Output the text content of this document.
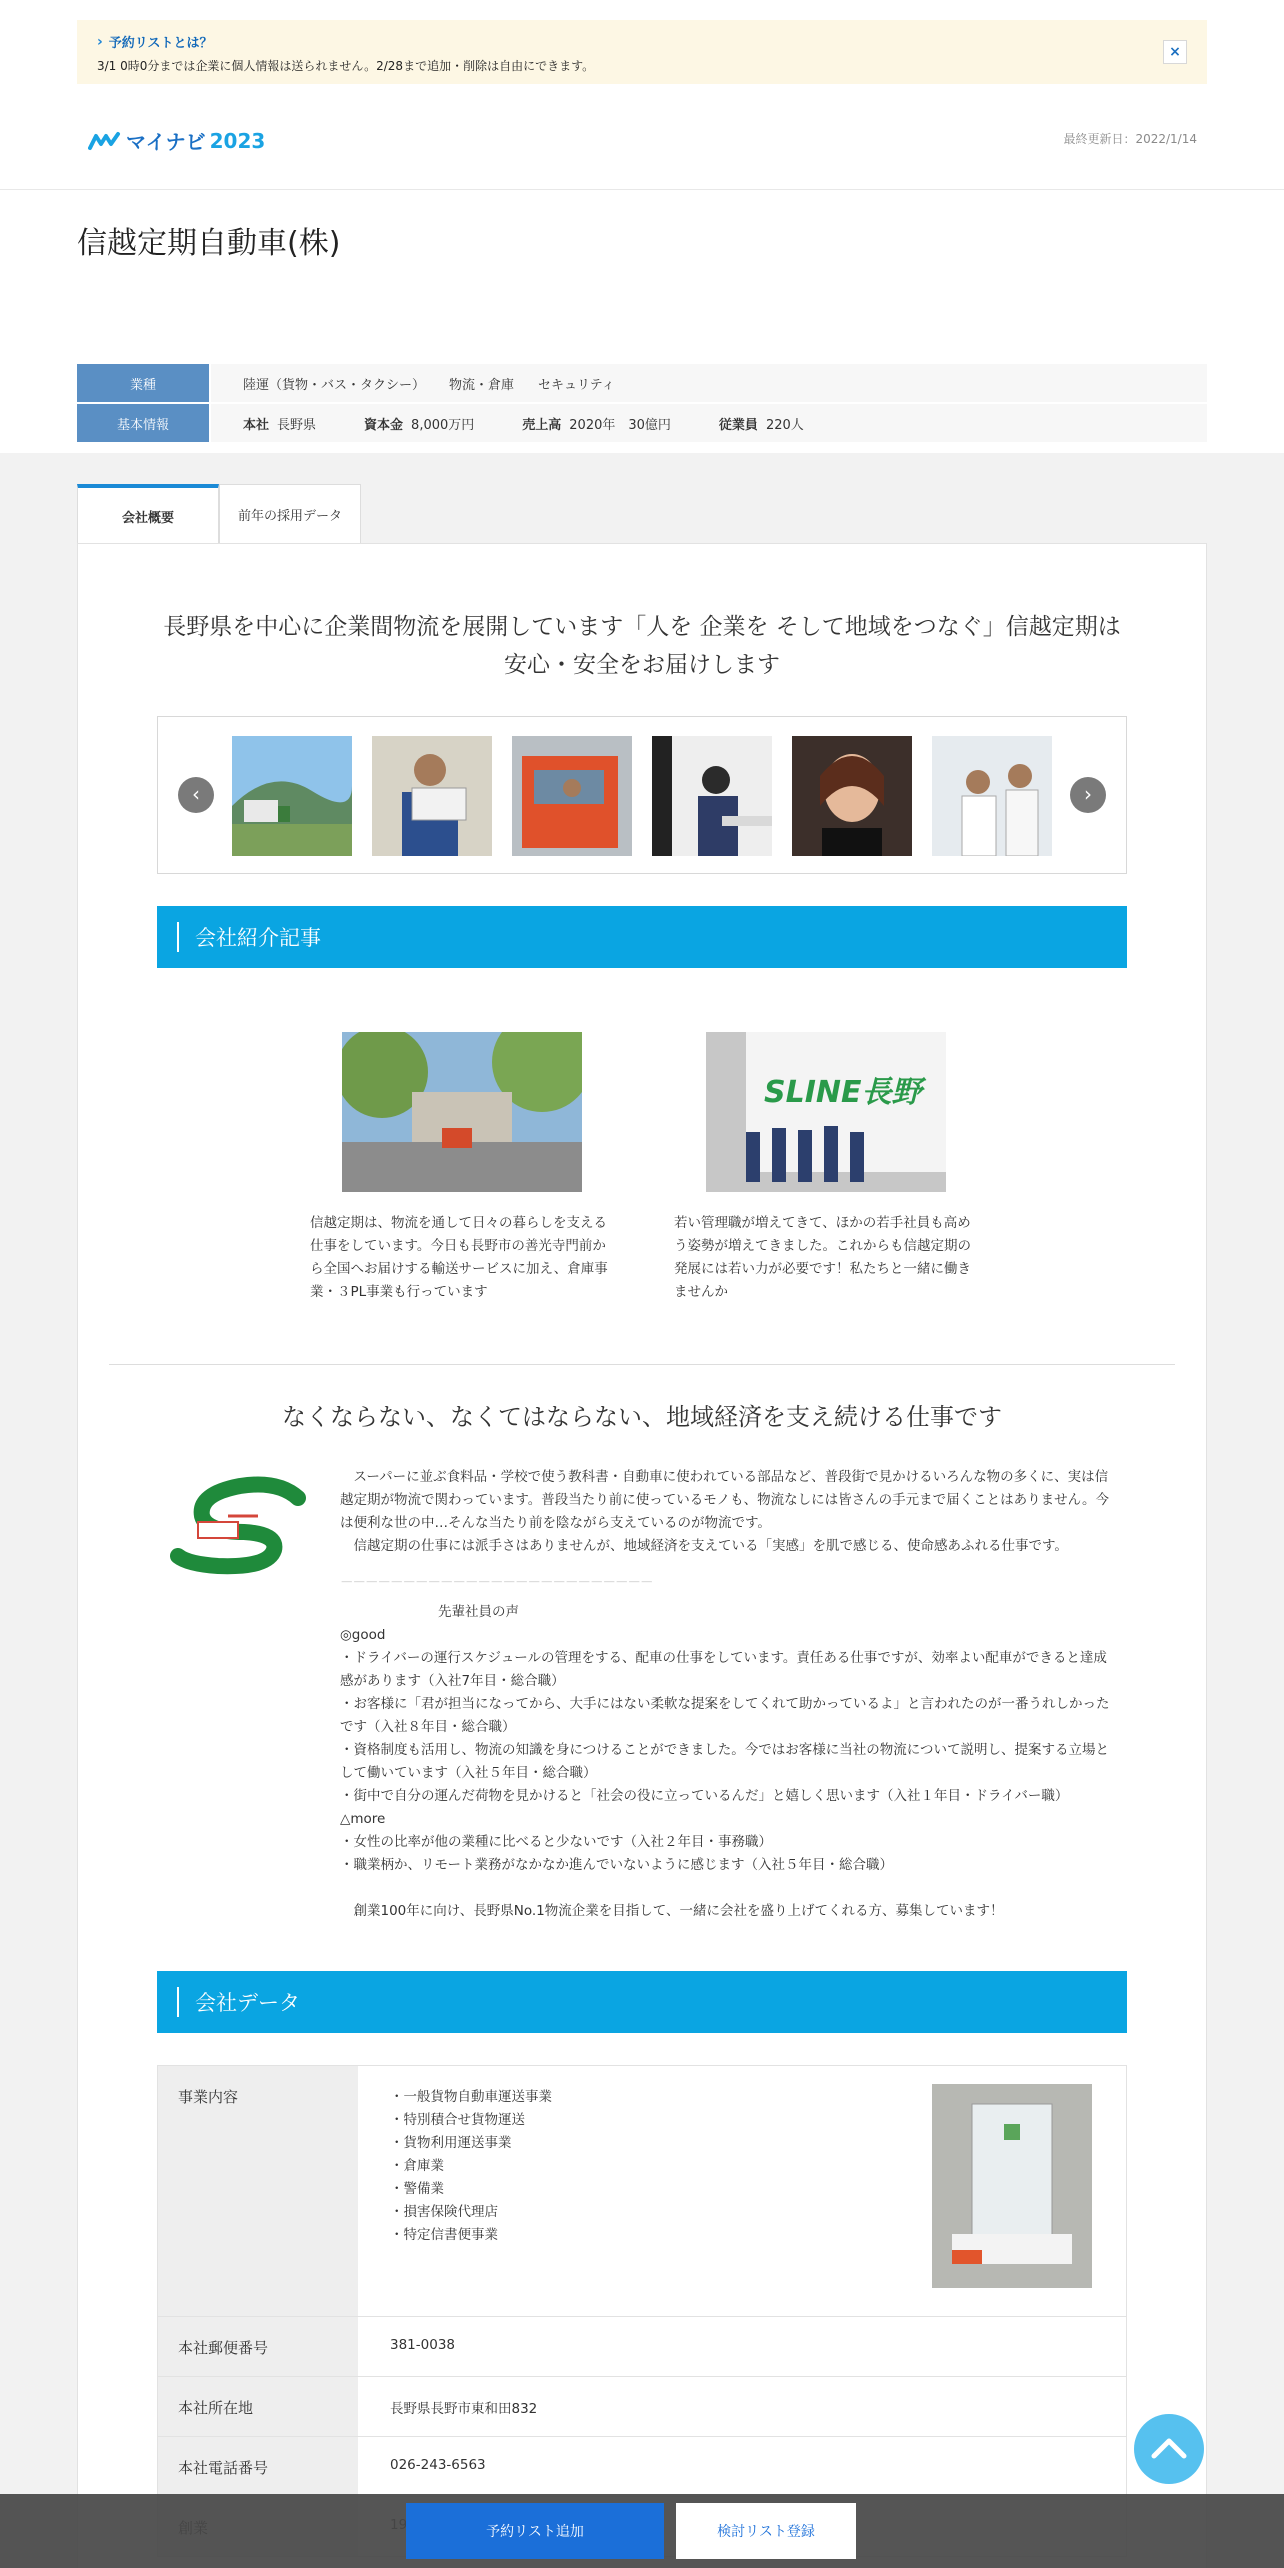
› 予約リストとは？
3/1 0時0分までは企業に個人情報は送られません。2/28まで追加・削除は自由にできます。
×
マイナビ 2023	最終更新日：2022/1/14
信越定期自動車(株)
業種	陸運（貨物・バス・タクシー） 物流・倉庫 セキュリティ
基本情報	本社 長野県	資本金 8,000万円	売上高 2020年　30億円	従業員 220人
会社概要	前年の採用データ
長野県を中心に企業間物流を展開しています「人を 企業を そして地域をつなぐ」信越定期は安心・安全をお届けします
‹	›
会社紹介記事
信越定期は、物流を通して日々の暮らしを支える仕事をしています。今日も長野市の善光寺門前から全国へお届けする輸送サービスに加え、倉庫事業・３PL事業も行っています
SLINE長野
若い管理職が増えてきて、ほかの若手社員も高めう姿勢が増えてきました。これからも信越定期の発展には若い力が必要です！私たちと一緒に働きませんか
なくならない、なくてはならない、地域経済を支え続ける仕事です

　スーパーに並ぶ食料品・学校で使う教科書・自動車に使われている部品など、普段街で見かけるいろんな物の多くに、実は信越定期が物流で関わっています。普段当たり前に使っているモノも、物流なしには皆さんの手元まで届くことはありません。今は便利な世の中…そんな当たり前を陰ながら支えているのが物流です。

　信越定期の仕事には派手さはありませんが、地域経済を支えている「実感」を肌で感じる、使命感あふれる仕事です。

－－－－－－－－－－－－－－－－－－－－－－－－－

先輩社員の声

◎good

・ドライバーの運行スケジュールの管理をする、配車の仕事をしています。責任ある仕事ですが、効率よい配車ができると達成感があります（入社7年目・総合職）

・お客様に「君が担当になってから、大手にはない柔軟な提案をしてくれて助かっているよ」と言われたのが一番うれしかったです（入社８年目・総合職）

・資格制度も活用し、物流の知識を身につけることができました。今ではお客様に当社の物流について説明し、提案する立場として働いています（入社５年目・総合職）

・街中で自分の運んだ荷物を見かけると「社会の役に立っているんだ」と嬉しく思います（入社１年目・ドライバー職）

△more

・女性の比率が他の業種に比べると少ないです（入社２年目・事務職）

・職業柄か、リモート業務がなかなか進んでいないように感じます（入社５年目・総合職）

　創業100年に向け、長野県No.1物流企業を目指して、一緒に会社を盛り上げてくれる方、募集しています！

会社データ
事業内容	・一般貨物自動車運送事業
・特別積合せ貨物運送
・貨物利用運送事業
・倉庫業
・警備業
・損害保険代理店
・特定信書便事業
本社郵便番号	381-0038
本社所在地	長野県長野市東和田832
本社電話番号	026-243-6563
予約リスト追加	検討リスト登録
